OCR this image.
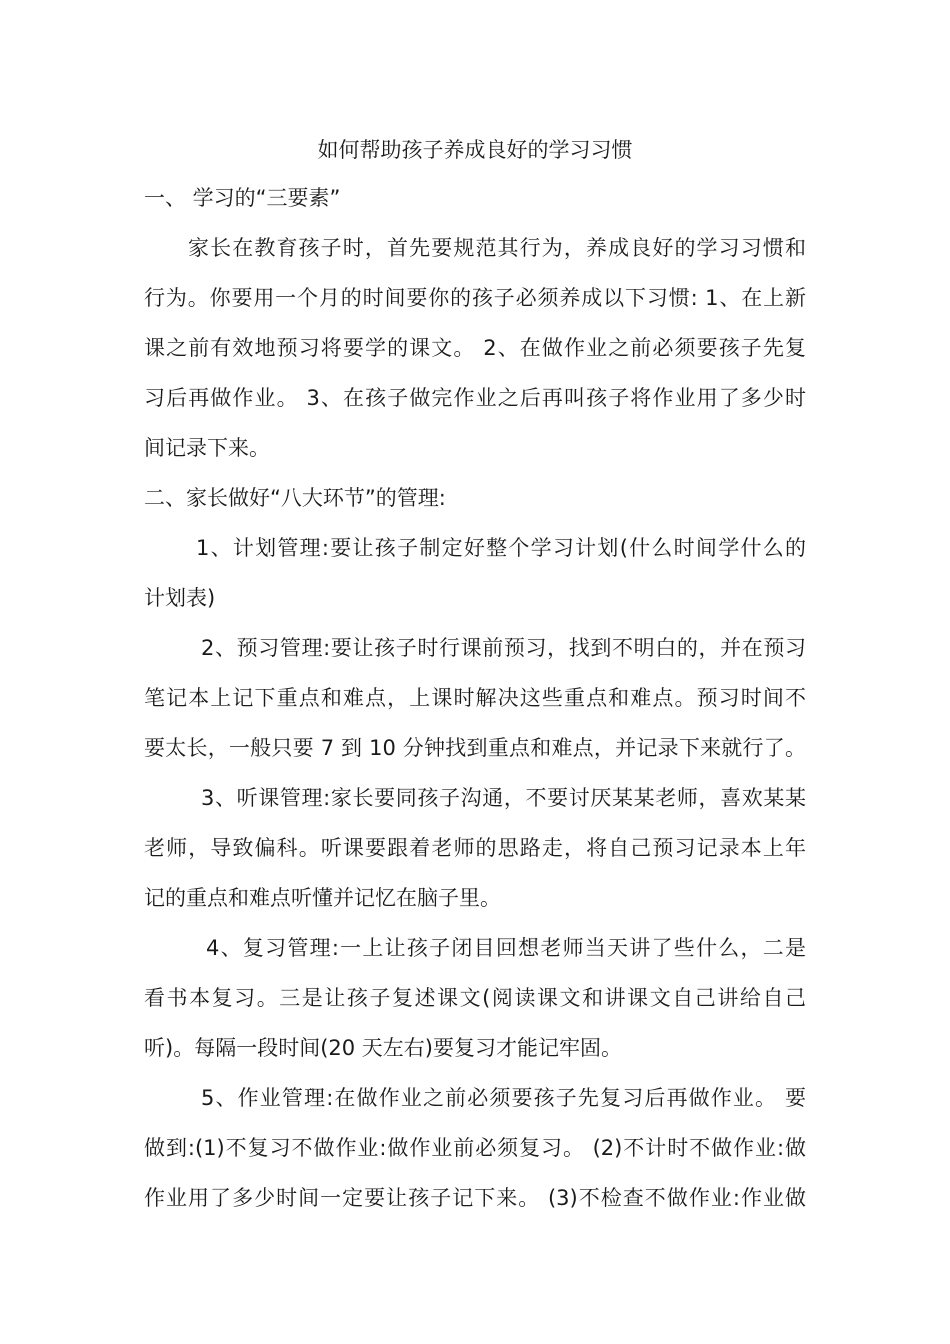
如何帮助孩子养成良好的学习习惯
一、 学习的“三要素”
家长在教育孩子时，首先要规范其行为，养成良好的学习习惯和
行为。你要用一个月的时间要你的孩子必须养成以下习惯: 1、在上新
课之前有效地预习将要学的课文。 2、在做作业之前必须要孩子先复
习后再做作业。 3、在孩子做完作业之后再叫孩子将作业用了多少时
间记录下来。
二、家长做好“八大环节”的管理:
1、计划管理:要让孩子制定好整个学习计划(什么时间学什么的
计划表)
2、预习管理:要让孩子时行课前预习，找到不明白的，并在预习
笔记本上记下重点和难点，上课时解决这些重点和难点。预习时间不
要太长，一般只要 7 到 10 分钟找到重点和难点，并记录下来就行了。
3、听课管理:家长要同孩子沟通，不要讨厌某某老师，喜欢某某
老师，导致偏科。听课要跟着老师的思路走，将自己预习记录本上年
记的重点和难点听懂并记忆在脑子里。
4、复习管理:一上让孩子闭目回想老师当天讲了些什么，二是
看书本复习。三是让孩子复述课文(阅读课文和讲课文自己讲给自己
听)。每隔一段时间(20 天左右)要复习才能记牢固。
5、作业管理:在做作业之前必须要孩子先复习后再做作业。 要
做到:(1)不复习不做作业:做作业前必须复习。 (2)不计时不做作业:做
作业用了多少时间一定要让孩子记下来。 (3)不检查不做作业:作业做
